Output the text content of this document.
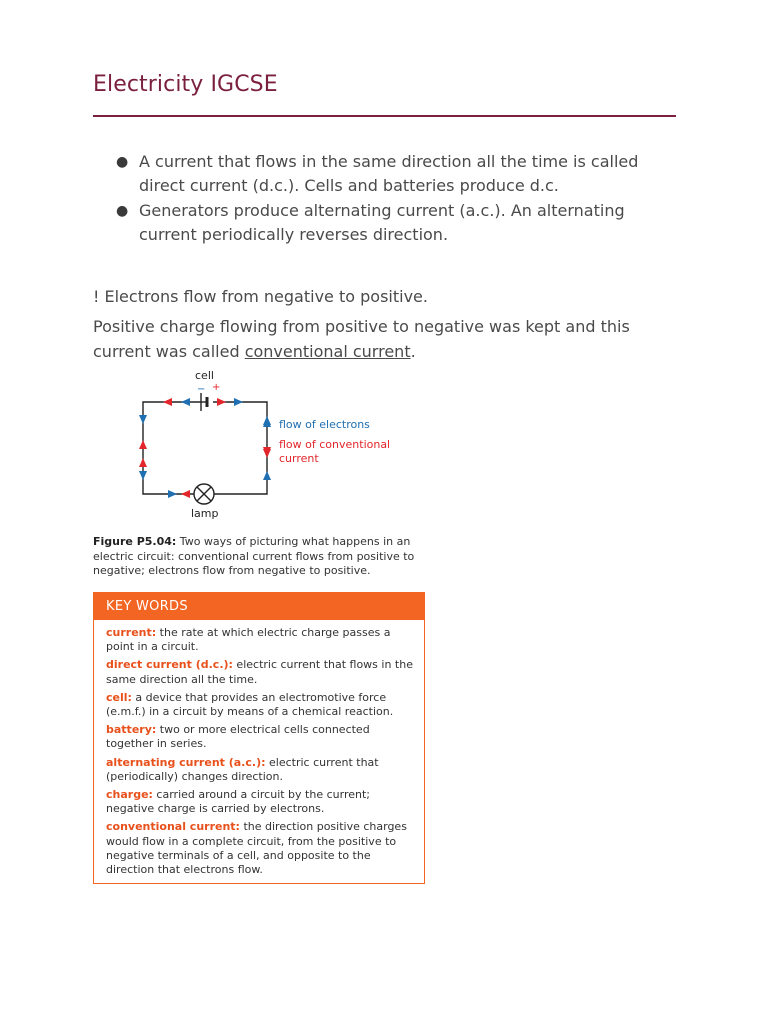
Electricity IGCSE
● A current that flows in the same direction all the time is called direct current (d.c.). Cells and batteries produce d.c.
● Generators produce alternating current (a.c.). An alternating current periodically reverses direction.

! Electrons flow from negative to positive.

Positive charge flowing from positive to negative was kept and this current was called conventional current.

cell
− +
lamp
flow of electrons
flow of conventional
current

Figure P5.04: Two ways of picturing what happens in an electric circuit: conventional current flows from positive to negative; electrons flow from negative to positive.

KEY WORDS
current: the rate at which electric charge passes a point in a circuit.
direct current (d.c.): electric current that flows in the same direction all the time.
cell: a device that provides an electromotive force (e.m.f.) in a circuit by means of a chemical reaction.
battery: two or more electrical cells connected together in series.
alternating current (a.c.): electric current that (periodically) changes direction.
charge: carried around a circuit by the current; negative charge is carried by electrons.
conventional current: the direction positive charges would flow in a complete circuit, from the positive to negative terminals of a cell, and opposite to the direction that electrons flow.
